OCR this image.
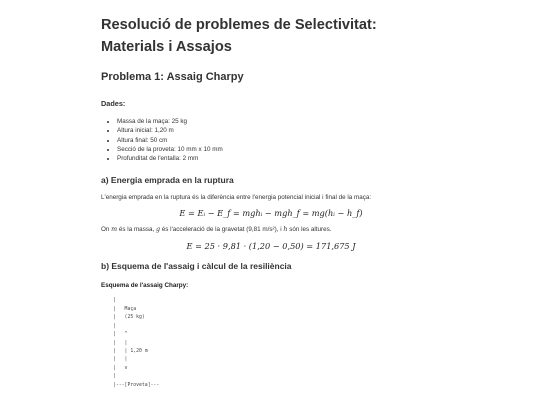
Resolució de problemes de Selectivitat: Materials i Assajos
Problema 1: Assaig Charpy
Dades:
• Massa de la maça: 25 kg
• Altura inicial: 1,20 m
• Altura final: 50 cm
• Secció de la proveta: 10 mm x 10 mm
• Profunditat de l'entalla: 2 mm
a) Energia emprada en la ruptura

L'energia emprada en la ruptura és la diferència entre l'energia potencial inicial i final de la maça:

E = Eᵢ − E_f = mghᵢ − mgh_f = mg(hᵢ − h_f)

On m és la massa, g és l'acceleració de la gravetat (9,81 m/s²), i h són les altures.

E = 25 · 9,81 · (1,20 − 0,50) = 171,675 J
b) Esquema de l'assaig i càlcul de la resiliència
Esquema de l'assaig Charpy:
|
|   Maça
|   (25 kg)
|
|   ^
|   |
|   | 1,20 m
|   |
|   v
|
|---[Proveta]---
